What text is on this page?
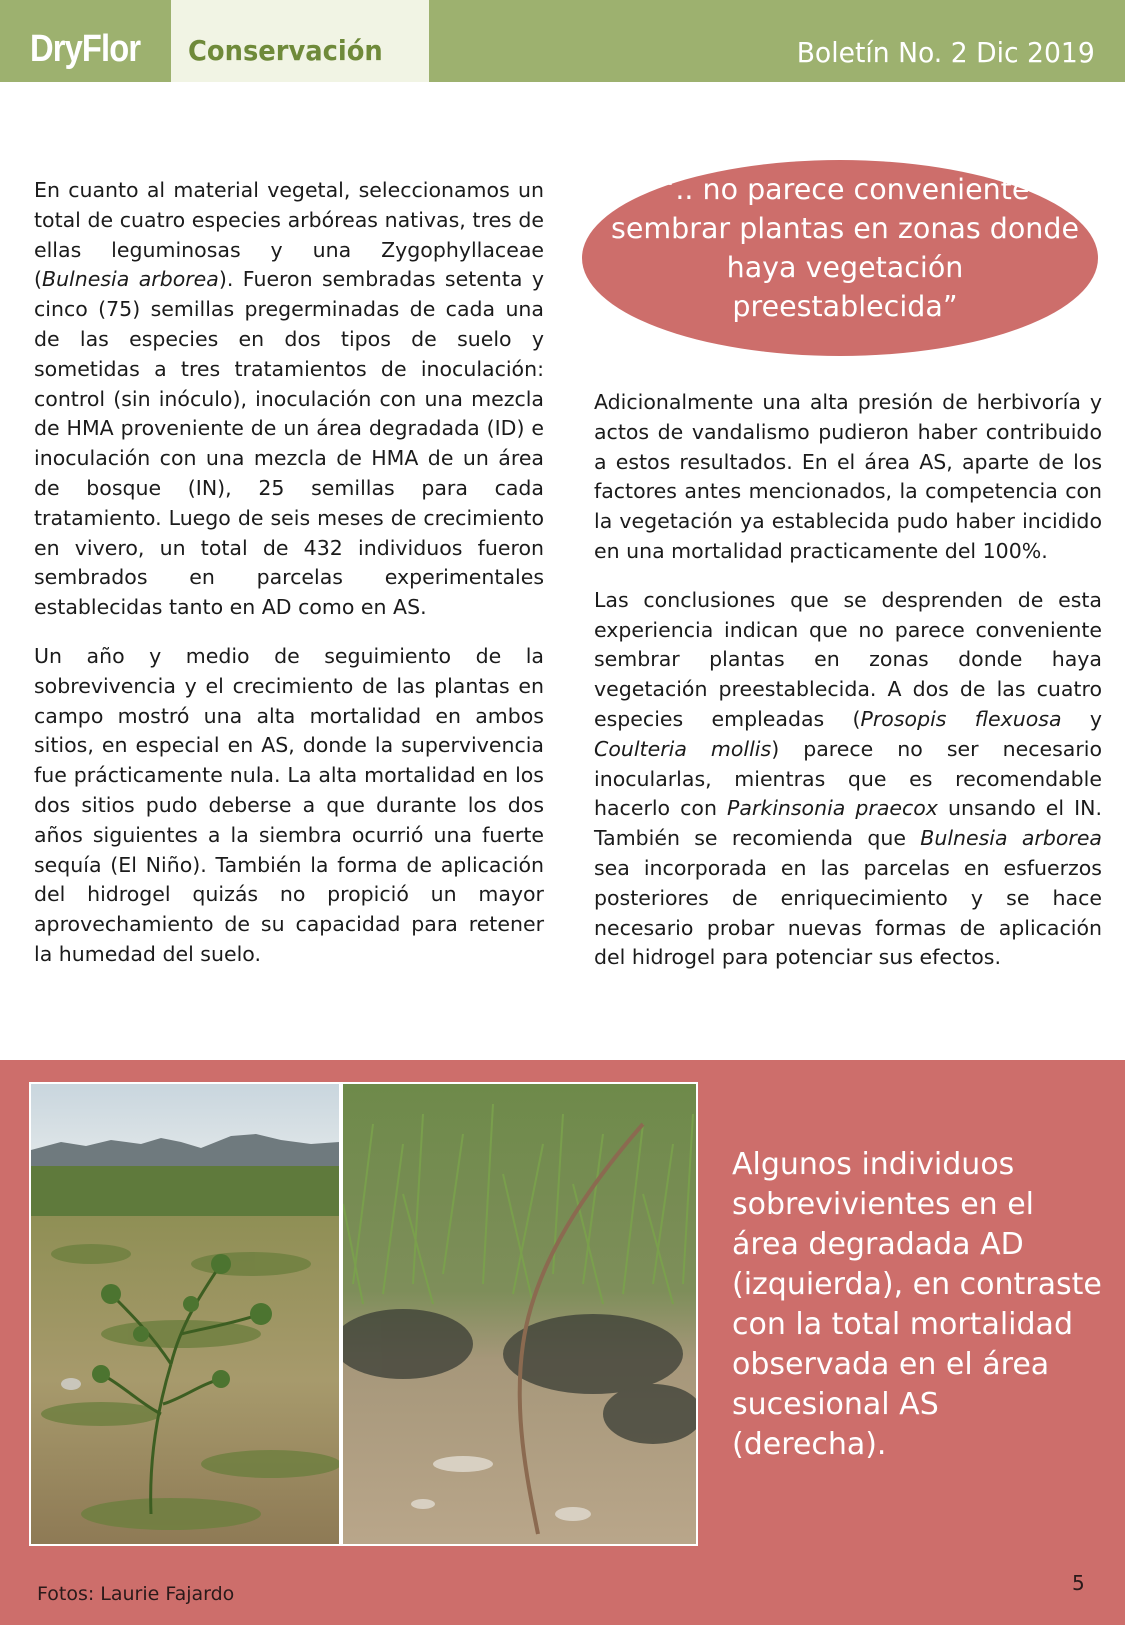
DryFlor Conservación	Boletín No. 2 Dic 2019

En cuanto al material vegetal, seleccionamos un total de cuatro especies arbóreas nativas, tres de ellas leguminosas y una Zygophyllaceae (Bulnesia arborea). Fueron sembradas setenta y cinco (75) semillas pregerminadas de cada una de las especies en dos tipos de suelo y sometidas a tres tratamientos de inoculación: control (sin inóculo), inoculación con una mezcla de HMA proveniente de un área degradada (ID) e inoculación con una mezcla de HMA de un área de bosque (IN), 25 semillas para cada tratamiento. Luego de seis meses de crecimiento en vivero, un total de 432 individuos fueron sembrados en parcelas experimentales establecidas tanto en AD como en AS.

Un año y medio de seguimiento de la sobrevivencia y el crecimiento de las plantas en campo mostró una alta mortalidad en ambos sitios, en especial en AS, donde la supervivencia fue prácticamente nula. La alta mortalidad en los dos sitios pudo deberse a que durante los dos años siguientes a la siembra ocurrió una fuerte sequía (El Niño). También la forma de aplicación del hidrogel quizás no propició un mayor aprovechamiento de su capacidad para retener la humedad del suelo.

“.. no parece conveniente sembrar plantas en zonas donde haya vegetación preestablecida”

Adicionalmente una alta presión de herbivoría y actos de vandalismo pudieron haber contribuido a estos resultados. En el área AS, aparte de los factores antes mencionados, la competencia con la vegetación ya establecida pudo haber incidido en una mortalidad practicamente del 100%.

Las conclusiones que se desprenden de esta experiencia indican que no parece conveniente sembrar plantas en zonas donde haya vegetación preestablecida. A dos de las cuatro especies empleadas (Prosopis flexuosa y Coulteria mollis) parece no ser necesario inocularlas, mientras que es recomendable hacerlo con Parkinsonia praecox unsando el IN. También se recomienda que Bulnesia arborea sea incorporada en las parcelas en esfuerzos posteriores de enriquecimiento y se hace necesario probar nuevas formas de aplicación del hidrogel para potenciar sus efectos.

Algunos individuos sobrevivientes en el área degradada AD (izquierda), en contraste con la total mortalidad observada en el área sucesional AS (derecha).
Fotos: Laurie Fajardo	5
